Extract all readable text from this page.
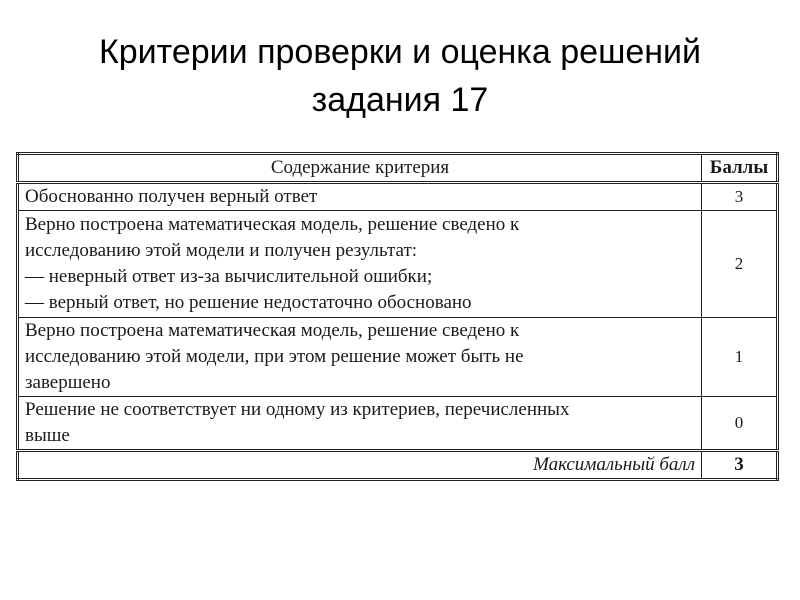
Критерии проверки и оценка решений
задания 17
Содержание критерия	Баллы

Обоснованно получен верный ответ	3

Верно построена математическая модель, решение сведено к
исследованию этой модели и получен результат:
— неверный ответ из-за вычислительной ошибки;
— верный ответ, но решение недостаточно обосновано	2

Верно построена математическая модель, решение сведено к
исследованию этой модели, при этом решение может быть не
завершено	1

Решение не соответствует ни одному из критериев, перечисленных
выше	0
Максимальный балл	3
